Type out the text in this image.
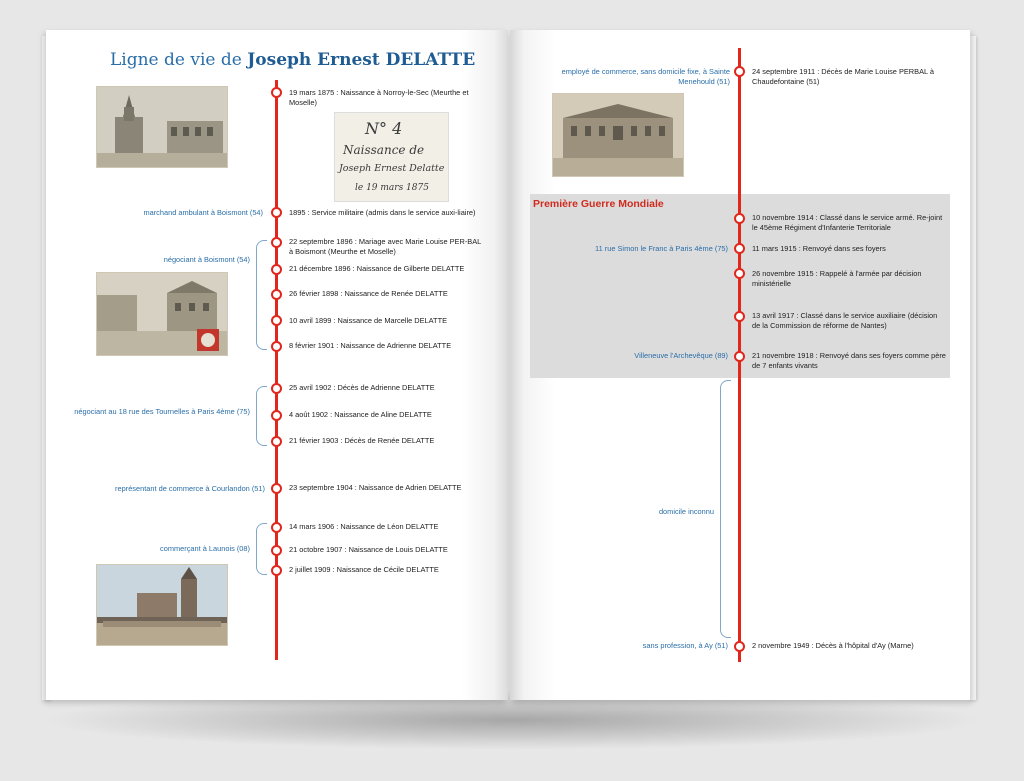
Ligne de vie de Joseph Ernest DELATTE
19 mars 1875 : Naissance à Norroy-le-Sec (Meurthe et Moselle)
1895 : Service militaire (admis dans le service auxi-liaire)
22 septembre 1896 : Mariage avec Marie Louise PER-BAL à Boismont (Meurthe et Moselle)
21 décembre 1896 : Naissance de Gilberte DELATTE
26 février 1898 : Naissance de Renée DELATTE
10 avril 1899 : Naissance de Marcelle DELATTE
8 février 1901 : Naissance de Adrienne DELATTE
25 avril 1902 : Décès de Adrienne DELATTE
4 août 1902 : Naissance de Aline DELATTE
21 février 1903 : Décès de Renée DELATTE
23 septembre 1904 : Naissance de Adrien DELATTE
14 mars 1906 : Naissance de Léon DELATTE
21 octobre 1907 : Naissance de Louis DELATTE
2 juillet 1909 : Naissance de Cécile DELATTE
marchand ambulant à Boismont (54)
négociant à Boismont (54)
négociant au 18 rue des Tournelles à Paris 4ème (75)
représentant de commerce à Courlandon (51)
commerçant à Launois (08)
N° 4
Naissance de
Joseph Ernest Delatte
le 19 mars 1875
Première Guerre Mondiale
24 septembre 1911 : Décès de Marie Louise PERBAL à Chaudefontaine (51)
10 novembre 1914 : Classé dans le service armé. Re-joint le 45ème Régiment d'Infanterie Territoriale
11 mars 1915 : Renvoyé dans ses foyers
26 novembre 1915 : Rappelé à l'armée par décision ministérielle
13 avril 1917 : Classé dans le service auxiliaire (décision de la Commission de réforme de Nantes)
21 novembre 1918 : Renvoyé dans ses foyers comme père de 7 enfants vivants
2 novembre 1949 : Décès à l'hôpital d'Ay (Marne)
employé de commerce, sans domicile fixe, à Sainte Menehould (51)
11 rue Simon le Franc à Paris 4ème (75)
Villeneuve l'Archevêque (89)
domicile inconnu
sans profession, à Ay (51)
